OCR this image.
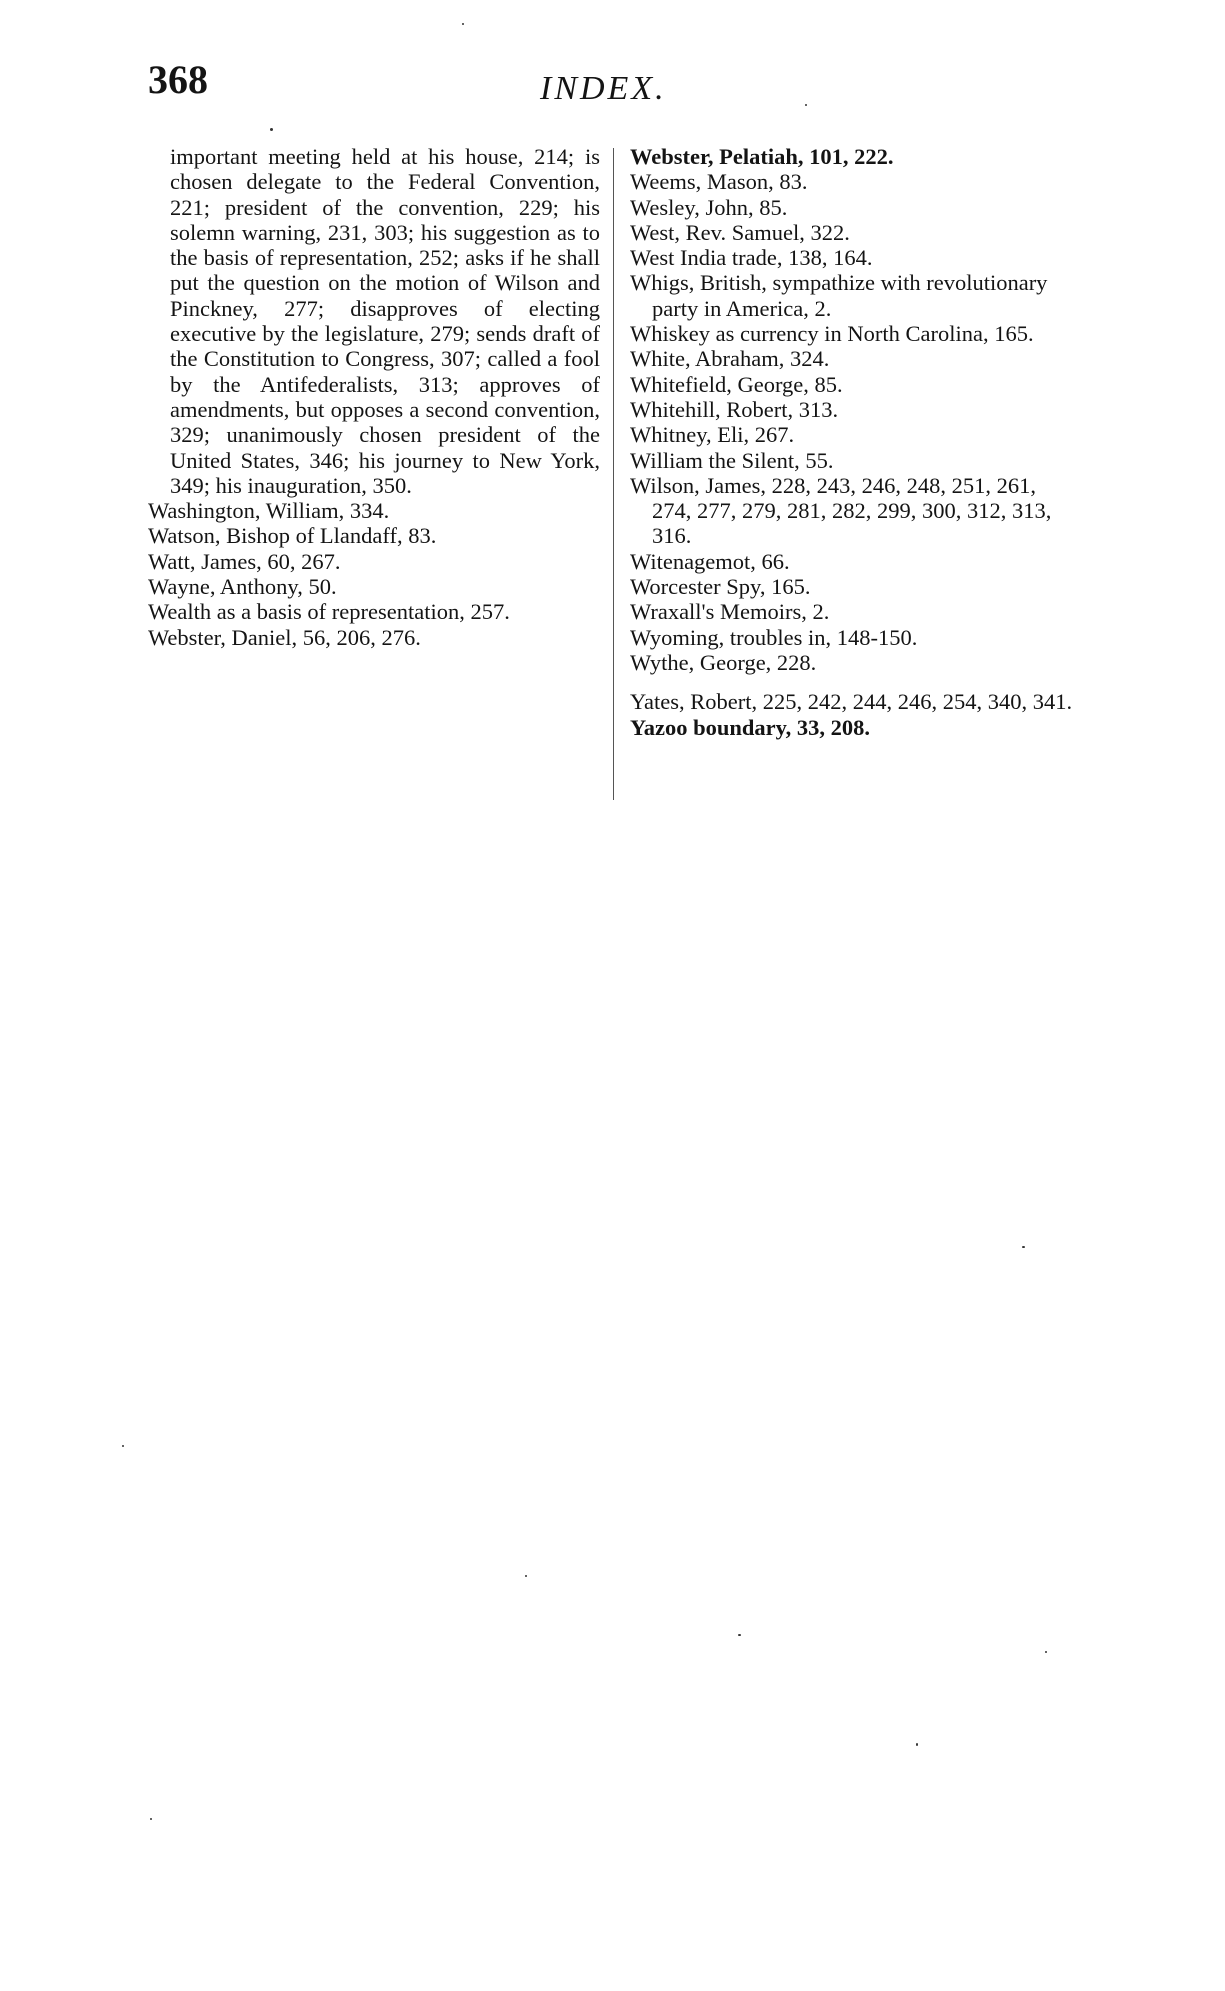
368	INDEX.

important meeting held at his house, 214; is chosen delegate to the Federal Convention, 221; president of the convention, 229; his solemn warning, 231, 303; his suggestion as to the basis of representation, 252; asks if he shall put the question on the motion of Wilson and Pinckney, 277; disapproves of electing executive by the legislature, 279; sends draft of the Constitution to Congress, 307; called a fool by the Antifederalists, 313; approves of amendments, but opposes a second convention, 329; unanimously chosen president of the United States, 346; his journey to New York, 349; his inauguration, 350.

Washington, William, 334.

Watson, Bishop of Llandaff, 83.

Watt, James, 60, 267.

Wayne, Anthony, 50.

Wealth as a basis of representation, 257.

Webster, Daniel, 56, 206, 276.

Webster, Pelatiah, 101, 222.

Weems, Mason, 83.

Wesley, John, 85.

West, Rev. Samuel, 322.

West India trade, 138, 164.

Whigs, British, sympathize with revolutionary party in America, 2.

Whiskey as currency in North Carolina, 165.

White, Abraham, 324.

Whitefield, George, 85.

Whitehill, Robert, 313.

Whitney, Eli, 267.

William the Silent, 55.

Wilson, James, 228, 243, 246, 248, 251, 261, 274, 277, 279, 281, 282, 299, 300, 312, 313, 316.

Witenagemot, 66.

Worcester Spy, 165.

Wraxall's Memoirs, 2.

Wyoming, troubles in, 148-150.

Wythe, George, 228.

Yates, Robert, 225, 242, 244, 246, 254, 340, 341.

Yazoo boundary, 33, 208.
